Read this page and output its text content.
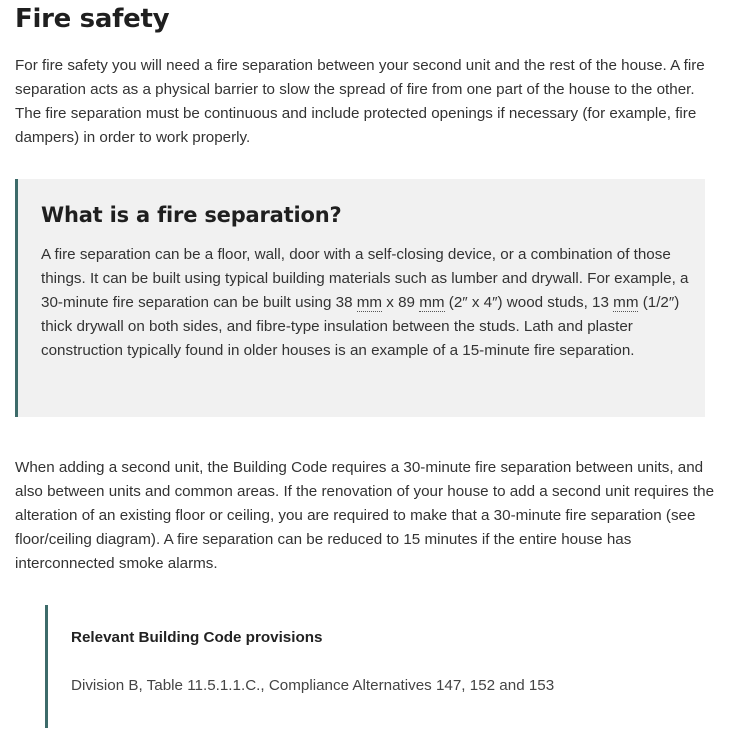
Fire safety

For fire safety you will need a fire separation between your second unit and the rest of the house. A fire separation acts as a physical barrier to slow the spread of fire from one part of the house to the other. The fire separation must be continuous and include protected openings if necessary (for example, fire dampers) in order to work properly.

What is a fire separation?

A fire separation can be a floor, wall, door with a self-closing device, or a combination of those things. It can be built using typical building materials such as lumber and drywall. For example, a 30-minute fire separation can be built using 38 mm x 89 mm (2″ x 4″) wood studs, 13 mm (1/2″) thick drywall on both sides, and fibre-type insulation between the studs. Lath and plaster construction typically found in older houses is an example of a 15-minute fire separation.

When adding a second unit, the Building Code requires a 30-minute fire separation between units, and also between units and common areas. If the renovation of your house to add a second unit requires the alteration of an existing floor or ceiling, you are required to make that a 30-minute fire separation (see floor/ceiling diagram). A fire separation can be reduced to 15 minutes if the entire house has interconnected smoke alarms.

Relevant Building Code provisions

Division B, Table 11.5.1.1.C., Compliance Alternatives 147, 152 and 153
